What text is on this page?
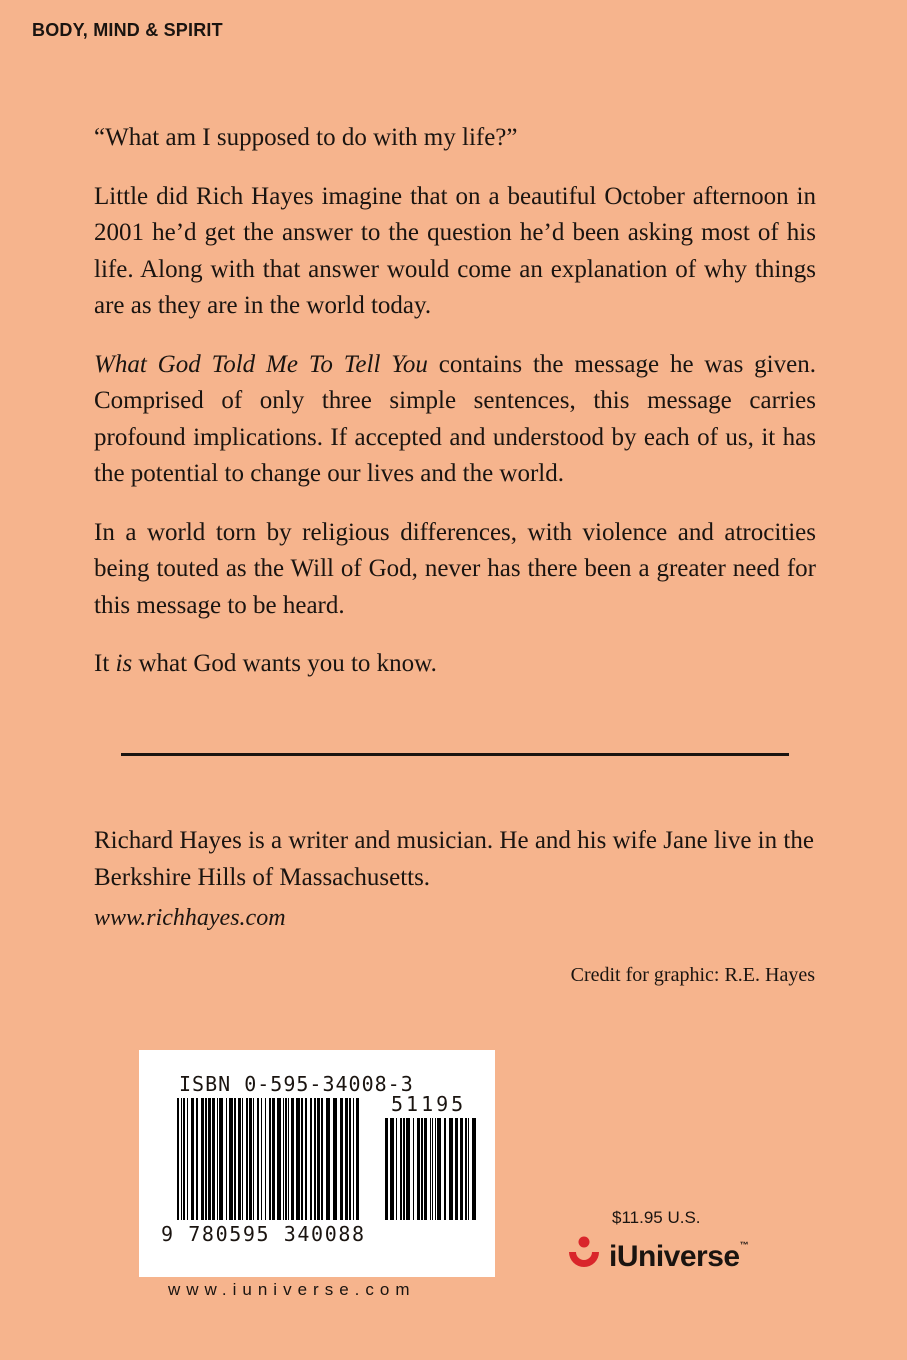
BODY, MIND & SPIRIT

“What am I supposed to do with my life?”

Little did Rich Hayes imagine that on a beautiful October afternoon in 2001 he’d get the answer to the question he’d been asking most of his life. Along with that answer would come an explanation of why things are as they are in the world today.

What God Told Me To Tell You contains the message he was given. Comprised of only three simple sentences, this message carries profound implications. If accepted and understood by each of us, it has the potential to change our lives and the world.

In a world torn by religious differences, with violence and atrocities being touted as the Will of God, never has there been a greater need for this message to be heard.

It is what God wants you to know.

Richard Hayes is a writer and musician. He and his wife Jane live in the Berkshire Hills of Massachusetts.

www.richhayes.com
Credit for graphic: R.E. Hayes
ISBN 0-595-34008-3
51195
9 780595 340088
www.iuniverse.com
$11.95 U.S.
iUniverse™
